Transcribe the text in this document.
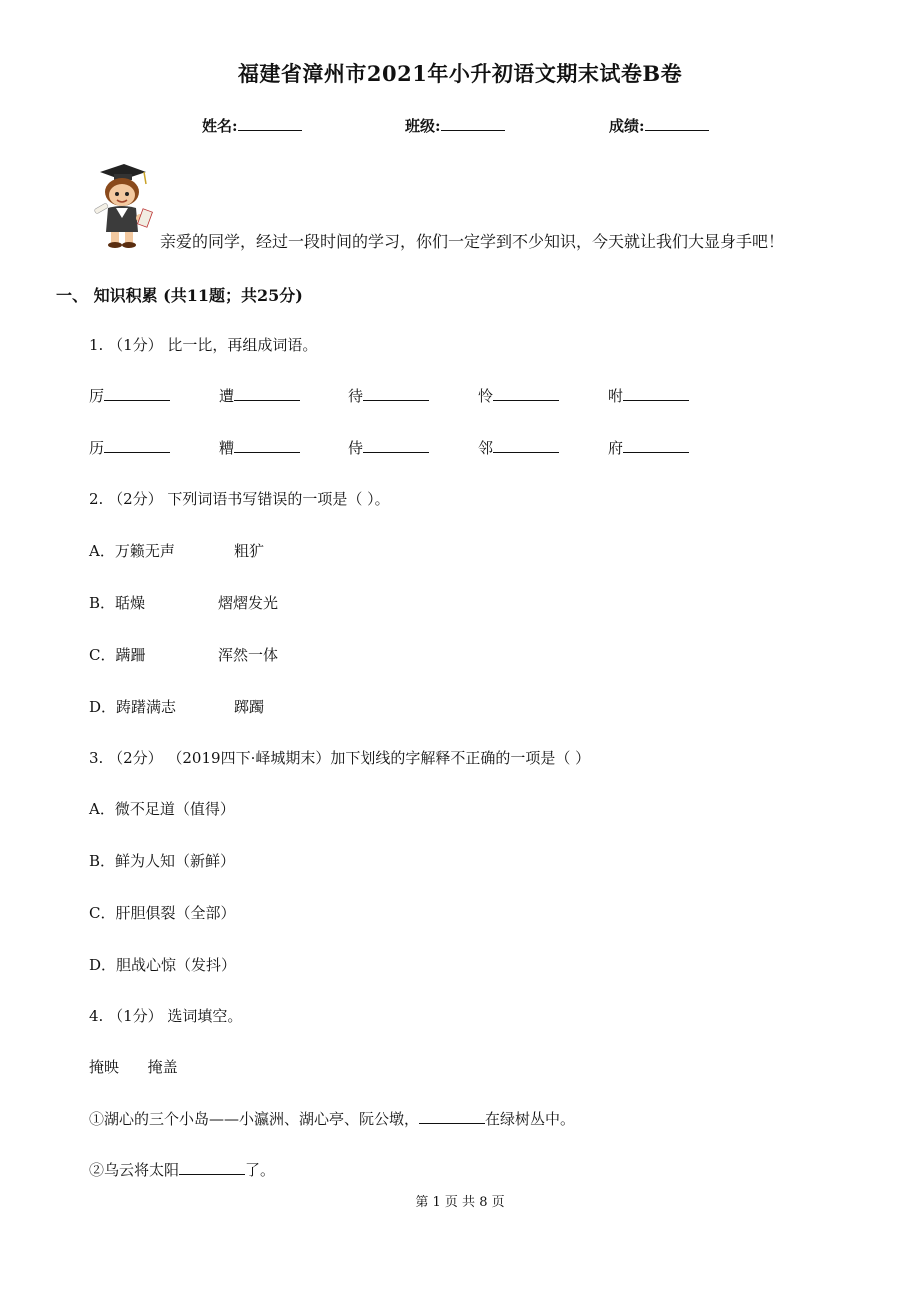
福建省漳州市2021年小升初语文期末试卷B卷
姓名:	班级:	成绩:
亲爱的同学，经过一段时间的学习，你们一定学到不少知识，今天就让我们大显身手吧！
一、 知识积累 (共11题；共25分)
1. （1分） 比一比，再组成词语。
厉	遭	待	怜	咐
历	糟	侍	邻	府
2. （2分） 下列词语书写错误的一项是（ ）。
A．万籁无声	粗犷
B．聒燥	熠熠发光
C．蹒跚	浑然一体
D．踌躇满志	踯躅
3. （2分） （2019四下·峄城期末）加下划线的字解释不正确的一项是（ ）
A．微不足道（值得）
B．鲜为人知（新鲜）
C．肝胆俱裂（全部）
D．胆战心惊（发抖）
4. （1分） 选词填空。
掩映      掩盖
①湖心的三个小岛——小瀛洲、湖心亭、阮公墩，	在绿树丛中。
②乌云将太阳	了。
第 1 页 共 8 页
